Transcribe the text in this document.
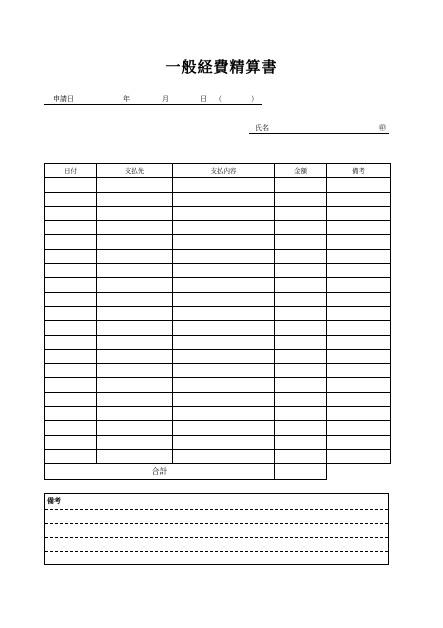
一般経費精算書
申請日	年	月	日 （	）
氏名	㊞
日付	支払先	支払内容	金額	備考

合計				
備考
